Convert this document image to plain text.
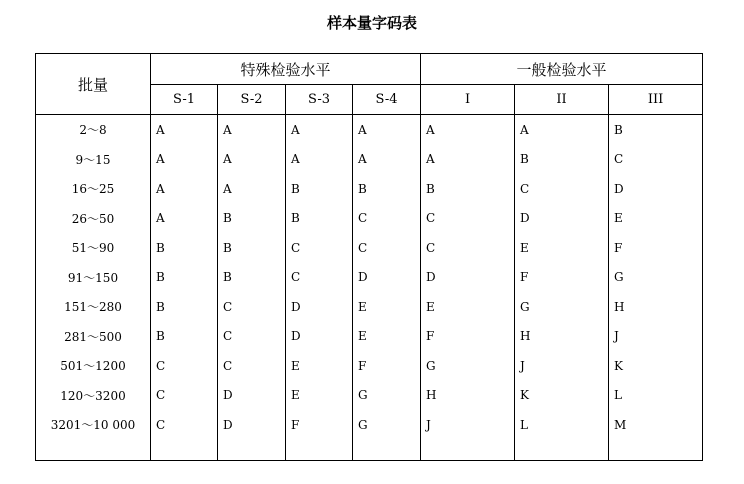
样本量字码表
批量	特殊检验水平				一般检验水平		
	S-1	S-2	S-3	S-4	I	II	III
2～8	A	A	A	A	A	A	B
9～15	A	A	A	A	A	B	C
16～25	A	A	B	B	B	C	D
26～50	A	B	B	C	C	D	E
51～90	B	B	C	C	C	E	F
91～150	B	B	C	D	D	F	G
151～280	B	C	D	E	E	G	H
281～500	B	C	D	E	F	H	J
501～1200	C	C	E	F	G	J	K
120～3200	C	D	E	G	H	K	L
3201～10 000	C	D	F	G	J	L	M
